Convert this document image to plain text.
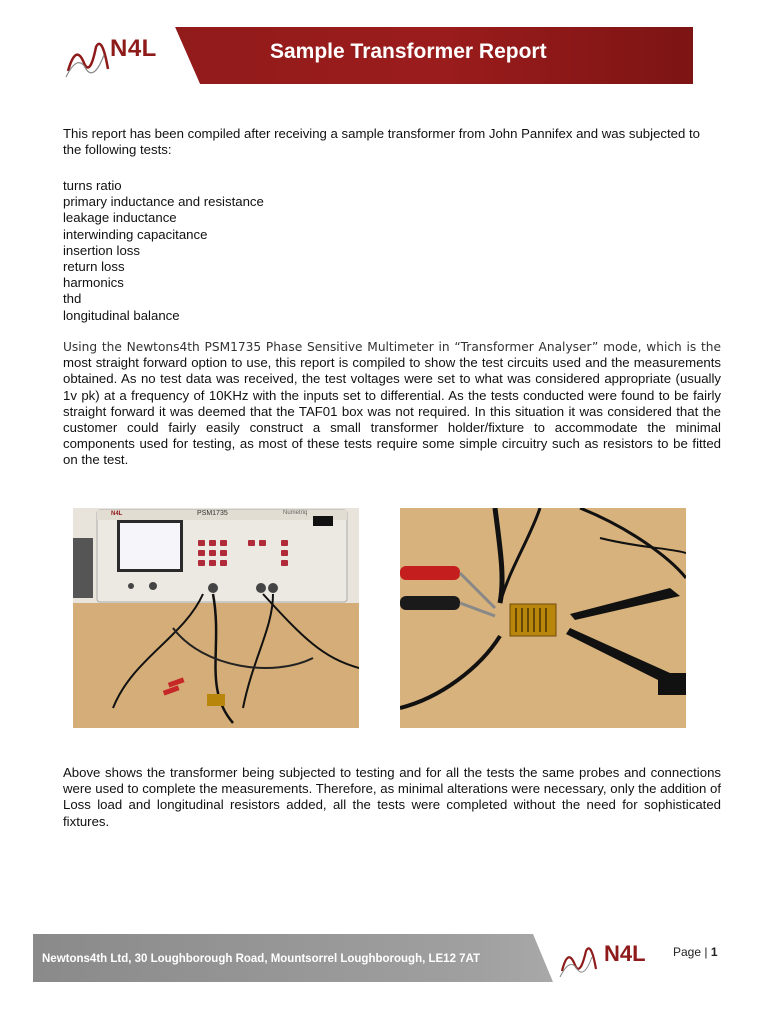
N4L	Sample Transformer Report
This report has been compiled after receiving a sample transformer from John Pannifex and was subjected to the following tests:
turns ratio
primary inductance and resistance
leakage inductance
interwinding capacitance
insertion loss
return loss
harmonics
thd
longitudinal balance
Using the Newtons4th PSM1735 Phase Sensitive Multimeter in “Transformer Analyser” mode, which is the most straight forward option to use, this report is compiled to show the test circuits used and the measurements obtained. As no test data was received, the test voltages were set to what was considered appropriate (usually 1v pk) at a frequency of 10KHz with the inputs set to differential. As the tests conducted were found to be fairly straight forward it was deemed that the TAF01 box was not required. In this situation it was considered that the customer could fairly easily construct a small transformer holder/fixture to accommodate the minimal components used for testing, as most of these tests require some simple circuitry such as resistors to be fitted on the test.
N4L	PSM1735	Numetriq
Above shows the transformer being subjected to testing and for all the tests the same probes and connections were used to complete the measurements. Therefore, as minimal alterations were necessary, only the addition of Loss load and longitudinal resistors added, all the tests were completed without the need for sophisticated fixtures.
Newtons4th Ltd, 30 Loughborough Road, Mountsorrel Loughborough, LE12 7AT	N4L Page | 1
